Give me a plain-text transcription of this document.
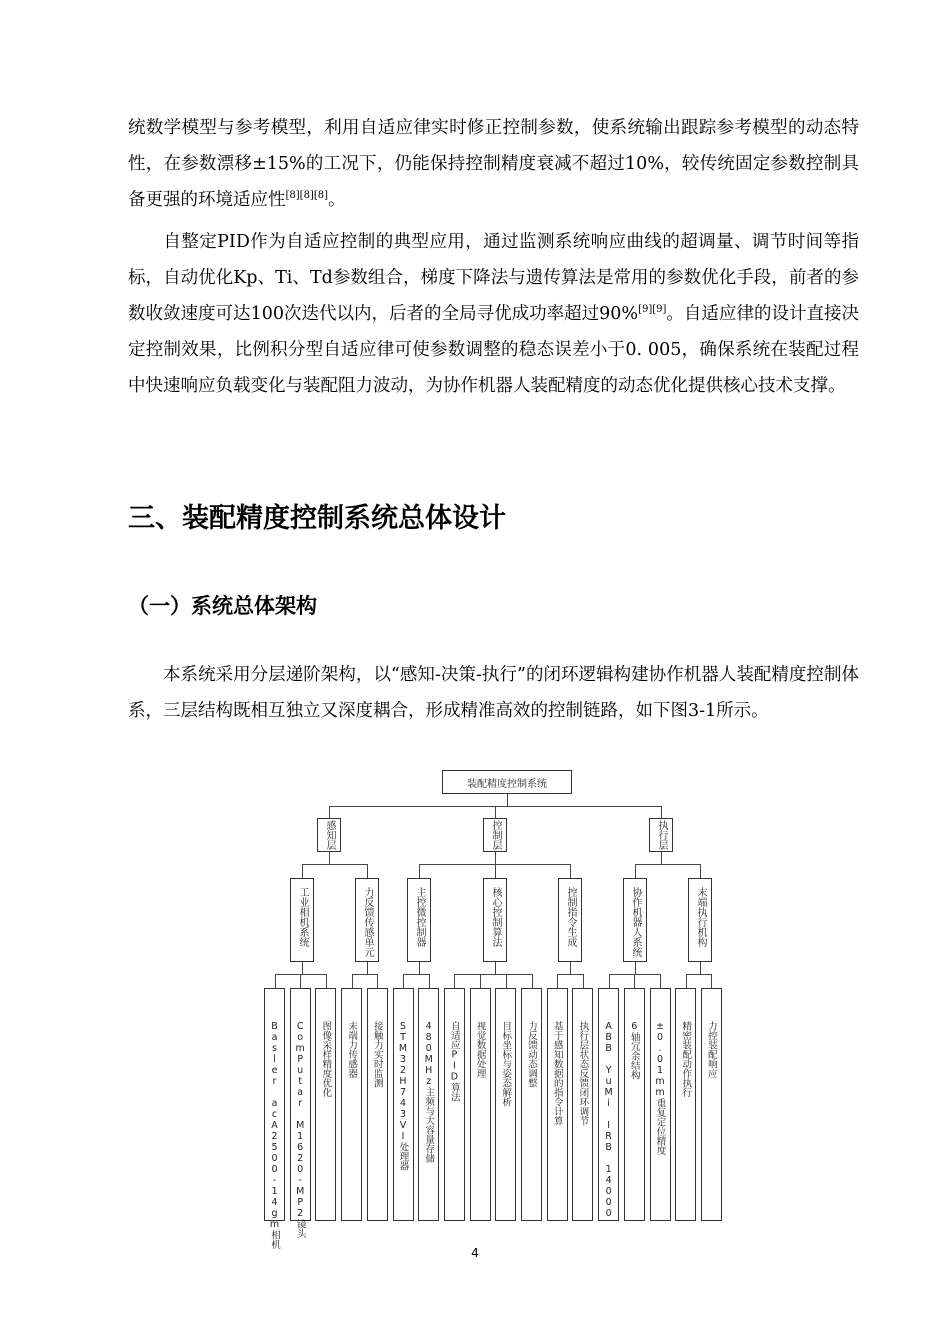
统数学模型与参考模型，利用自适应律实时修正控制参数，使系统输出跟踪参考模型的动态特性，在参数漂移±15%的工况下，仍能保持控制精度衰减不超过10%，较传统固定参数控制具备更强的环境适应性[8][8][8]。

自整定PID作为自适应控制的典型应用，通过监测系统响应曲线的超调量、调节时间等指标，自动优化Kp、Ti、Td参数组合，梯度下降法与遗传算法是常用的参数优化手段，前者的参数收敛速度可达100次迭代以内，后者的全局寻优成功率超过90%[9][9]。自适应律的设计直接决定控制效果，比例积分型自适应律可使参数调整的稳态误差小于0. 005，确保系统在装配过程中快速响应负载变化与装配阻力波动，为协作机器人装配精度的动态优化提供核心技术支撑。

三、装配精度控制系统总体设计
（一）系统总体架构

本系统采用分层递阶架构，以“感知-决策-执行”的闭环逻辑构建协作机器人装配精度控制体系，三层结构既相互独立又深度耦合，形成精准高效的控制链路，如下图3-1所示。

装配精度控制系统
感知层	控制层	执行层
工业相机系统	力反馈传感单元	主控微控制器	核心控制算法	控制指令生成	协作机器人系统	末端执行机构
Basler acA2500-14gm相机 ComPutar M1620-MP2镜头 图像采样精度优化 末端力传感器 接触力实时监测 STM32H743VI处理器 480MHz主频与大容量存储 自适应PID算法 视觉数据处理 目标坐标与姿态解析 力反馈动态调整 基于感知数据的指令计算 执行层状态反馈闭环调节 ABB YuMi IRB 14000 6轴冗余结构 ±0.01mm重复定位精度 精密装配动作执行 力控装配响应
4
